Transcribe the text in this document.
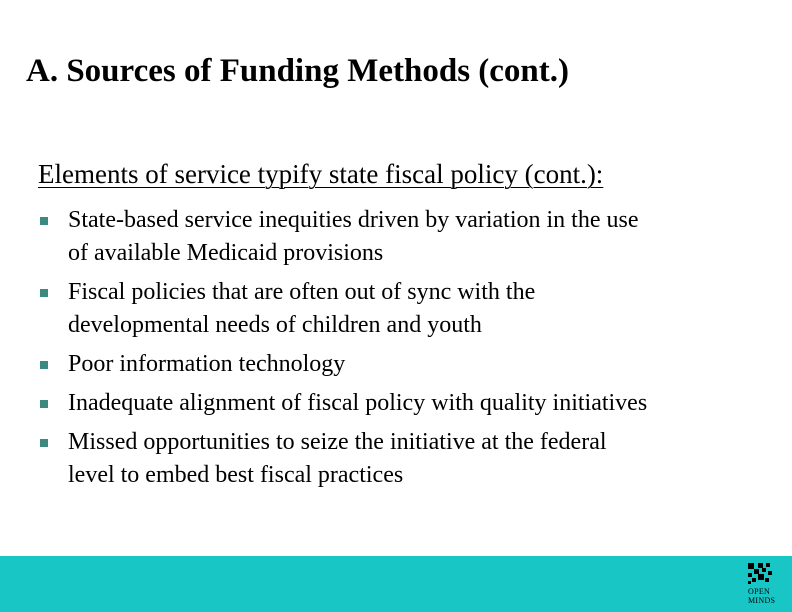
A. Sources of Funding Methods (cont.)
Elements of service typify state fiscal policy (cont.):
State-based service inequities driven by variation in the use
of available Medicaid provisions
Fiscal policies that are often out of sync with the
developmental needs of children and youth
Poor information technology
Inadequate alignment of fiscal policy with quality initiatives
Missed opportunities to seize the initiative at the federal
level to embed best fiscal practices
OPEN
MINDS
